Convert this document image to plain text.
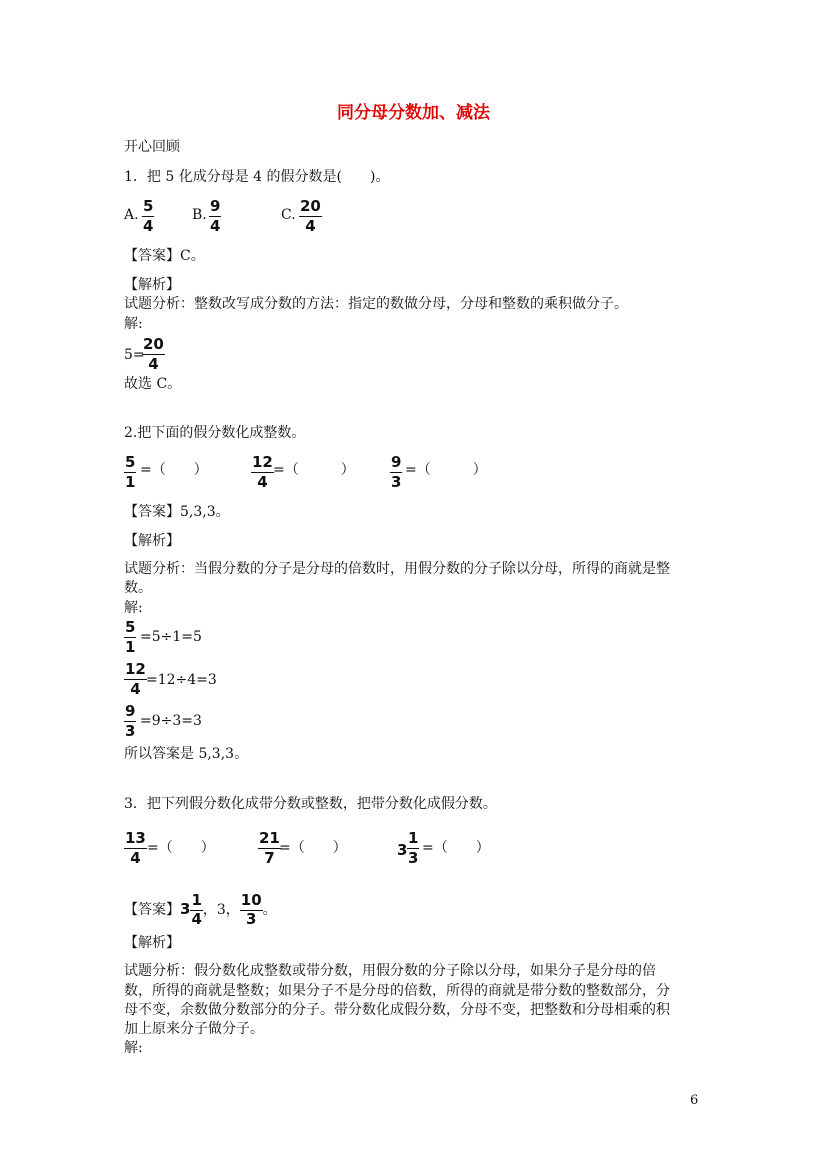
同分母分数加、减法
开心回顾
1．把 5 化成分母是 4 的假分数是(　　)。
A. $\frac{5}{4}$	B. $\frac{9}{4}$	C. $\frac{20}{4}$
【答案】C。
【解析】
试题分析：整数改写成分数的方法：指定的数做分母，分母和整数的乘积做分子。
解:
5=
$\frac{20}{4}$
故选 C。
2.把下面的假分数化成整数。
$\frac{5}{1}$ =（　　）	$\frac{12}{4}$ =（　　　） $\frac{9}{3}$ =（　　　）
【答案】5,3,3。
【解析】
试题分析：当假分数的分子是分母的倍数时，用假分数的分子除以分母，所得的商就是整
数。
解:
$\frac{5}{1} =5\div 1=5$
$\frac{12}{4} =12\div 4=3$
$\frac{9}{3} =9\div 3=3$
所以答案是 5,3,3。
3．把下列假分数化成带分数或整数，把带分数化成假分数。
$\frac{13}{4}$ =（　　）	$\frac{21}{7}$
=（　　）	$3 \frac{1}{3}$ =（　　）
【答案】$3 \frac{1}{4}$ ，3， $\frac{10}{3}$ 。
【解析】
试题分析：假分数化成整数或带分数，用假分数的分子除以分母，如果分子是分母的倍
数，所得的商就是整数；如果分子不是分母的倍数，所得的商就是带分数的整数部分，分
母不变，余数做分数部分的分子。带分数化成假分数，分母不变，把整数和分母相乘的积
加上原来分子做分子。
解:
6
